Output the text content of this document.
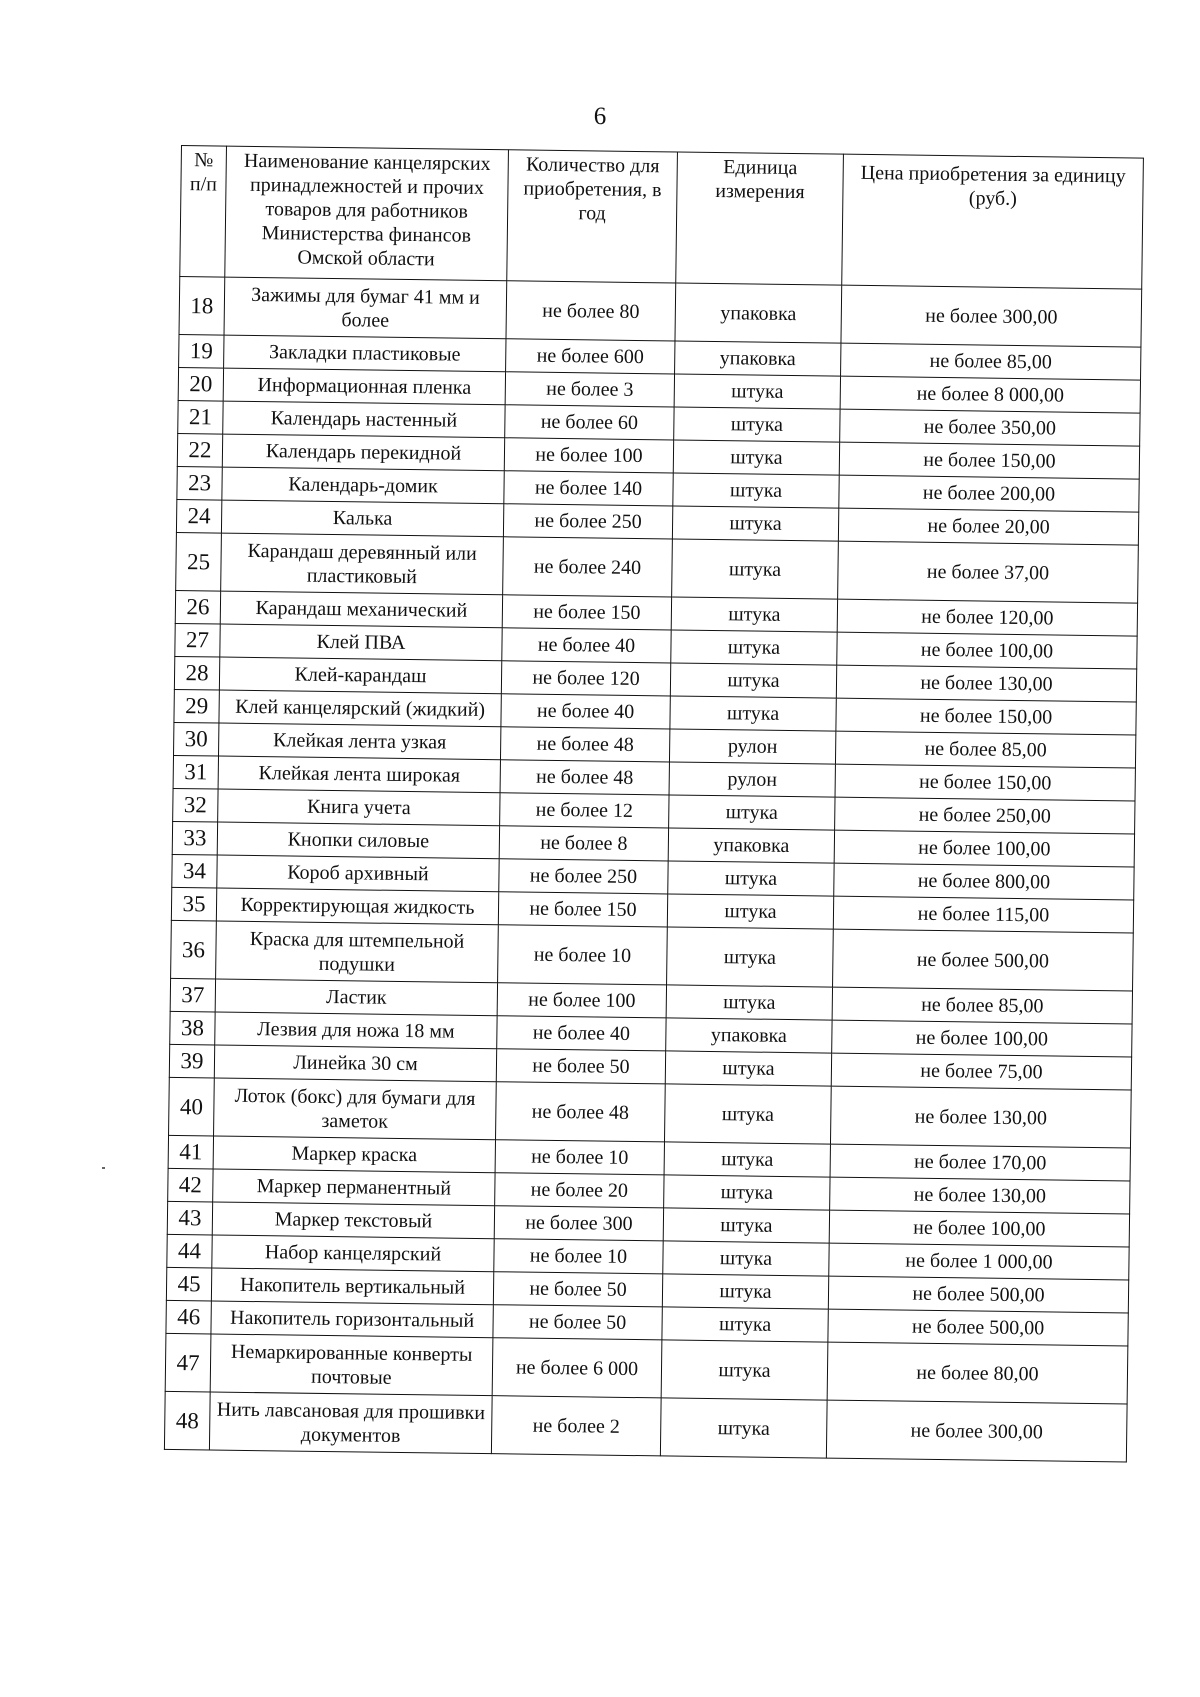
6
№ п/п	Наименование канцелярских принадлежностей и прочих товаров для работников Министерства финансов Омской области	Количество для приобретения, в год	Единица измерения	Цена приобретения за единицу (руб.)
18	Зажимы для бумаг 41 мм и более	не более 80	упаковка	не более 300,00
19	Закладки пластиковые	не более 600	упаковка	не более 85,00
20	Информационная пленка	не более 3	штука	не более 8 000,00
21	Календарь настенный	не более 60	штука	не более 350,00
22	Календарь перекидной	не более 100	штука	не более 150,00
23	Календарь-домик	не более 140	штука	не более 200,00
24	Калька	не более 250	штука	не более 20,00
25	Карандаш деревянный или пластиковый	не более 240	штука	не более 37,00
26	Карандаш механический	не более 150	штука	не более 120,00
27	Клей ПВА	не более 40	штука	не более 100,00
28	Клей-карандаш	не более 120	штука	не более 130,00
29	Клей канцелярский (жидкий)	не более 40	штука	не более 150,00
30	Клейкая лента узкая	не более 48	рулон	не более 85,00
31	Клейкая лента широкая	не более 48	рулон	не более 150,00
32	Книга учета	не более 12	штука	не более 250,00
33	Кнопки силовые	не более 8	упаковка	не более 100,00
34	Короб архивный	не более 250	штука	не более 800,00
35	Корректирующая жидкость	не более 150	штука	не более 115,00
36	Краска для штемпельной подушки	не более 10	штука	не более 500,00
37	Ластик	не более 100	штука	не более 85,00
38	Лезвия для ножа 18 мм	не более 40	упаковка	не более 100,00
39	Линейка 30 см	не более 50	штука	не более 75,00
40	Лоток (бокс) для бумаги для заметок	не более 48	штука	не более 130,00
41	Маркер краска	не более 10	штука	не более 170,00
42	Маркер перманентный	не более 20	штука	не более 130,00
43	Маркер текстовый	не более 300	штука	не более 100,00
44	Набор канцелярский	не более 10	штука	не более 1 000,00
45	Накопитель вертикальный	не более 50	штука	не более 500,00
46	Накопитель горизонтальный	не более 50	штука	не более 500,00
47	Немаркированные конверты почтовые	не более 6 000	штука	не более 80,00
48	Нить лавсановая для прошивки документов	не более 2	штука	не более 300,00
